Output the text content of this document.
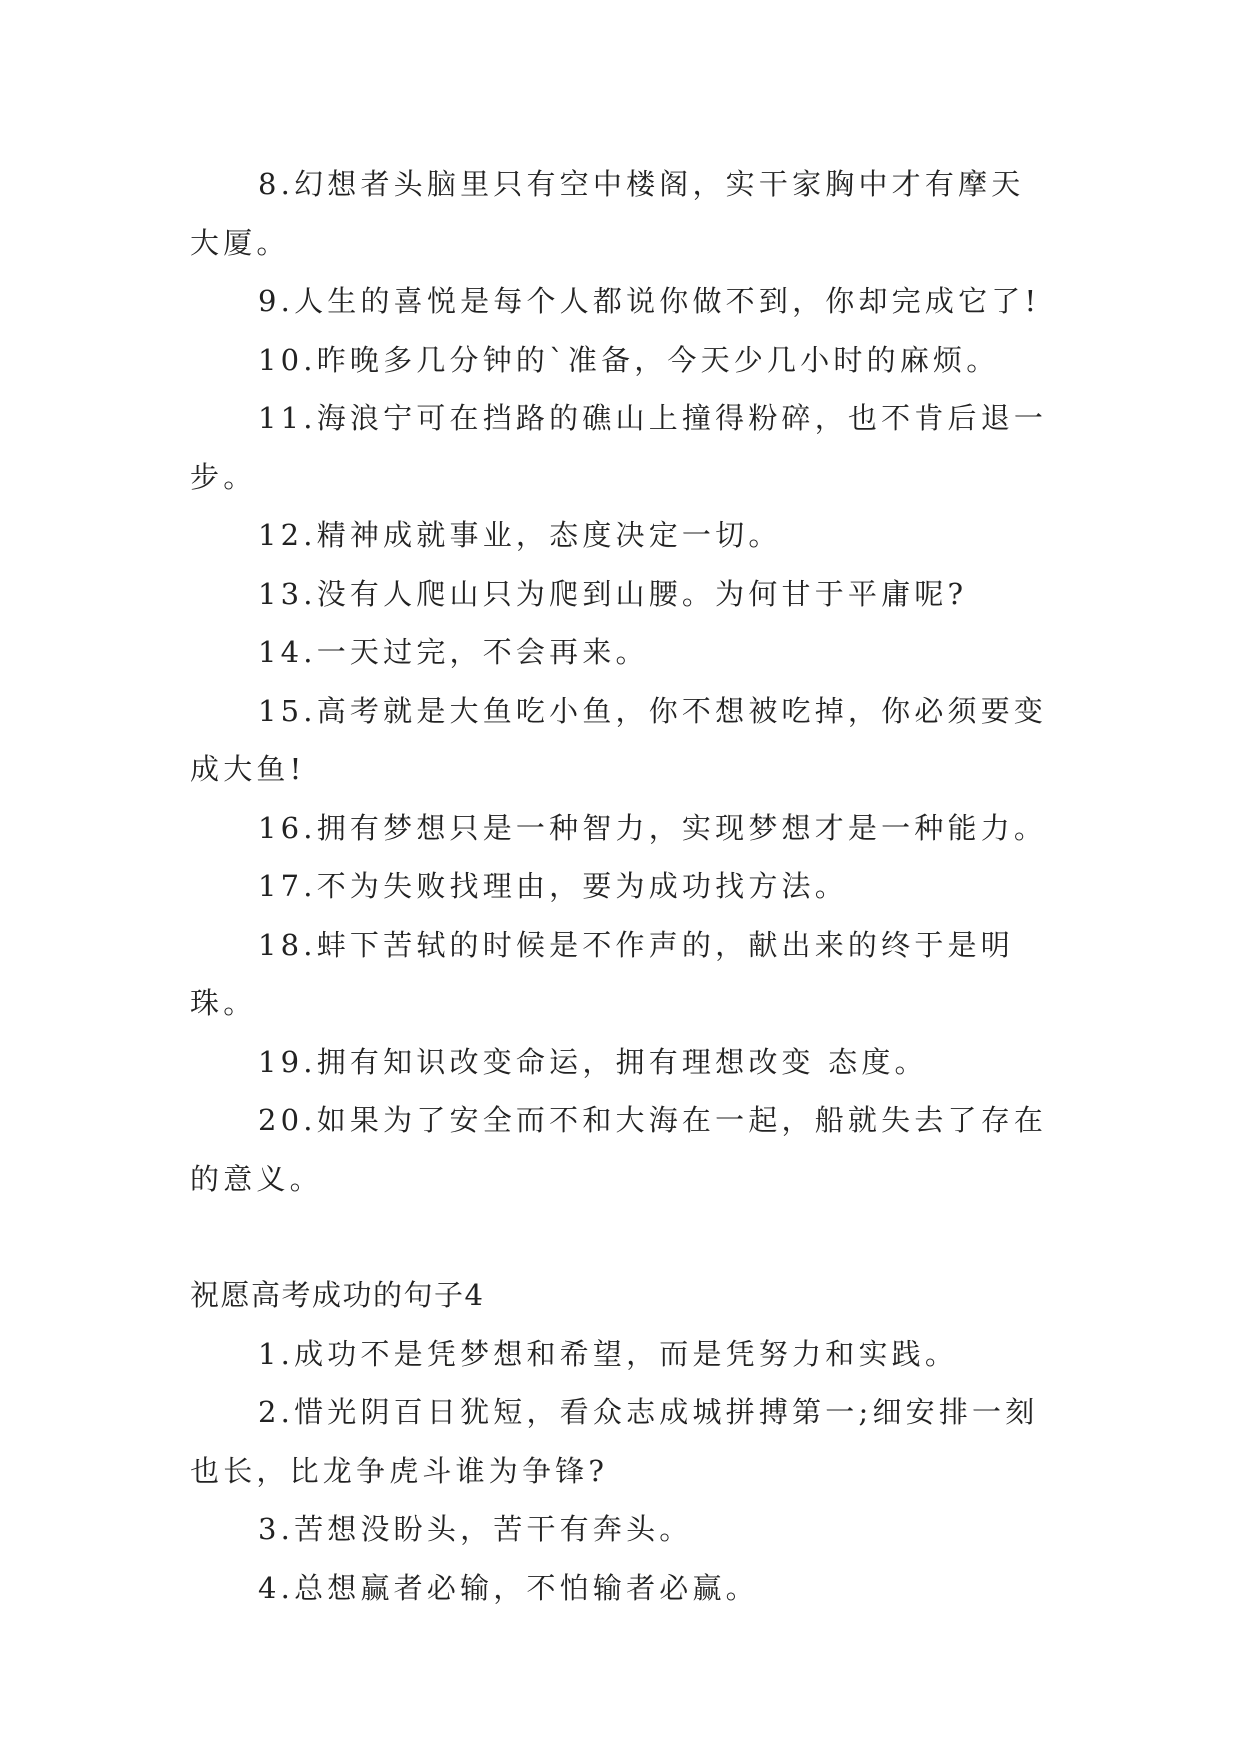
8.幻想者头脑里只有空中楼阁，实干家胸中才有摩天大厦。

9.人生的喜悦是每个人都说你做不到，你却完成它了!

10.昨晚多几分钟的`准备，今天少几小时的麻烦。

11.海浪宁可在挡路的礁山上撞得粉碎，也不肯后退一步。

12.精神成就事业，态度决定一切。

13.没有人爬山只为爬到山腰。为何甘于平庸呢?

14.一天过完，不会再来。

15.高考就是大鱼吃小鱼，你不想被吃掉，你必须要变成大鱼!

16.拥有梦想只是一种智力，实现梦想才是一种能力。

17.不为失败找理由，要为成功找方法。

18.蚌下苦轼的时候是不作声的，献出来的终于是明珠。

19.拥有知识改变命运，拥有理想改变 态度。

20.如果为了安全而不和大海在一起，船就失去了存在的意义。

祝愿高考成功的句子4

1.成功不是凭梦想和希望，而是凭努力和实践。

2.惜光阴百日犹短，看众志成城拼搏第一;细安排一刻也长，比龙争虎斗谁为争锋?

3.苦想没盼头，苦干有奔头。

4.总想赢者必输，不怕输者必赢。
